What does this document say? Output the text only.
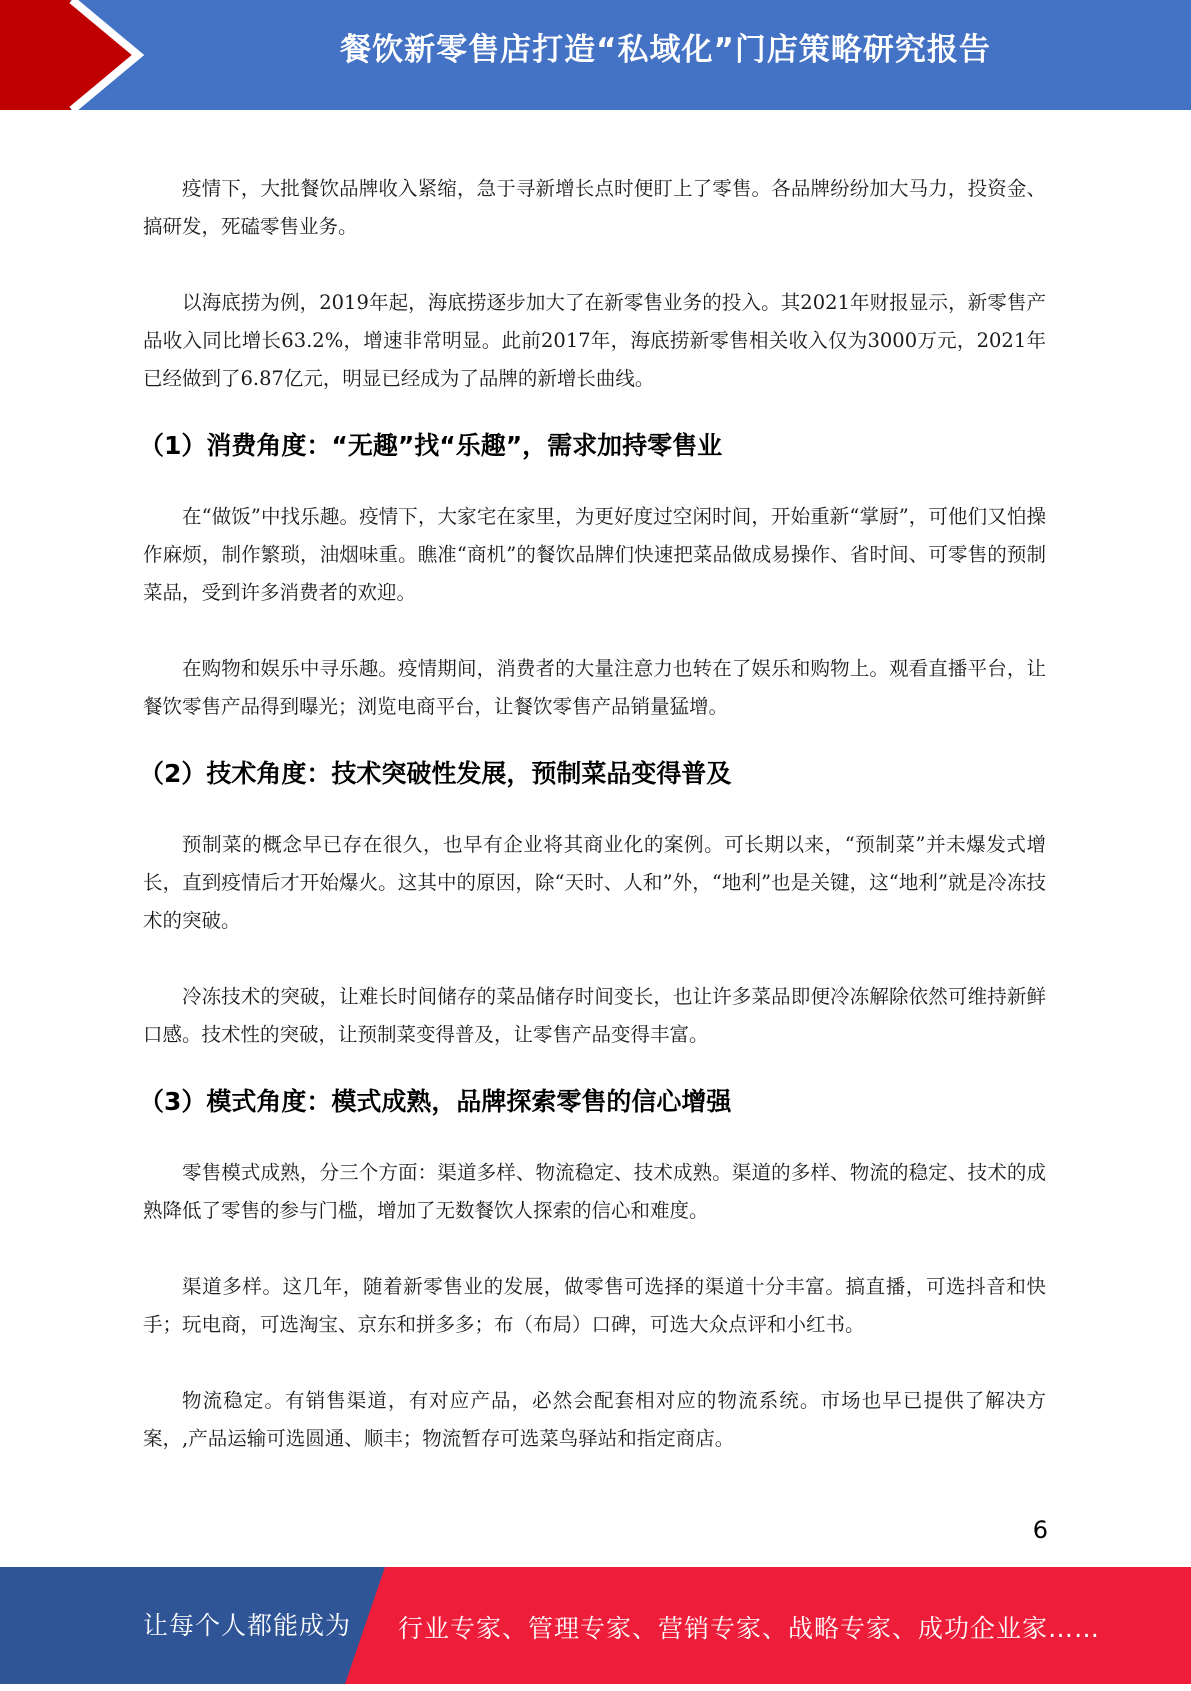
餐饮新零售店打造“私域化”门店策略研究报告

疫情下，大批餐饮品牌收入紧缩，急于寻新增长点时便盯上了零售。各品牌纷纷加大马力，投资金、搞研发，死磕零售业务。

以海底捞为例，2019年起，海底捞逐步加大了在新零售业务的投入。其2021年财报显示，新零售产品收入同比增长63.2%，增速非常明显。此前2017年，海底捞新零售相关收入仅为3000万元，2021年已经做到了6.87亿元，明显已经成为了品牌的新增长曲线。

（1）消费角度：“无趣”找“乐趣”，需求加持零售业

在“做饭”中找乐趣。疫情下，大家宅在家里，为更好度过空闲时间，开始重新“掌厨”，可他们又怕操作麻烦，制作繁琐，油烟味重。瞧准“商机”的餐饮品牌们快速把菜品做成易操作、省时间、可零售的预制菜品，受到许多消费者的欢迎。

在购物和娱乐中寻乐趣。疫情期间，消费者的大量注意力也转在了娱乐和购物上。观看直播平台，让餐饮零售产品得到曝光；浏览电商平台，让餐饮零售产品销量猛增。

（2）技术角度：技术突破性发展，预制菜品变得普及

预制菜的概念早已存在很久，也早有企业将其商业化的案例。可长期以来，“预制菜”并未爆发式增长，直到疫情后才开始爆火。这其中的原因，除“天时、人和”外，“地利”也是关键，这“地利”就是冷冻技术的突破。

冷冻技术的突破，让难长时间储存的菜品储存时间变长，也让许多菜品即便冷冻解除依然可维持新鲜口感。技术性的突破，让预制菜变得普及，让零售产品变得丰富。

（3）模式角度：模式成熟，品牌探索零售的信心增强

零售模式成熟，分三个方面：渠道多样、物流稳定、技术成熟。渠道的多样、物流的稳定、技术的成熟降低了零售的参与门槛，增加了无数餐饮人探索的信心和难度。

渠道多样。这几年，随着新零售业的发展，做零售可选择的渠道十分丰富。搞直播，可选抖音和快手；玩电商，可选淘宝、京东和拼多多；布（布局）口碑，可选大众点评和小红书。

物流稳定。有销售渠道，有对应产品，必然会配套相对应的物流系统。市场也早已提供了解决方案，,产品运输可选圆通、顺丰；物流暂存可选菜鸟驿站和指定商店。

6
让每个人都能成为 行业专家、管理专家、营销专家、战略专家、成功企业家……
